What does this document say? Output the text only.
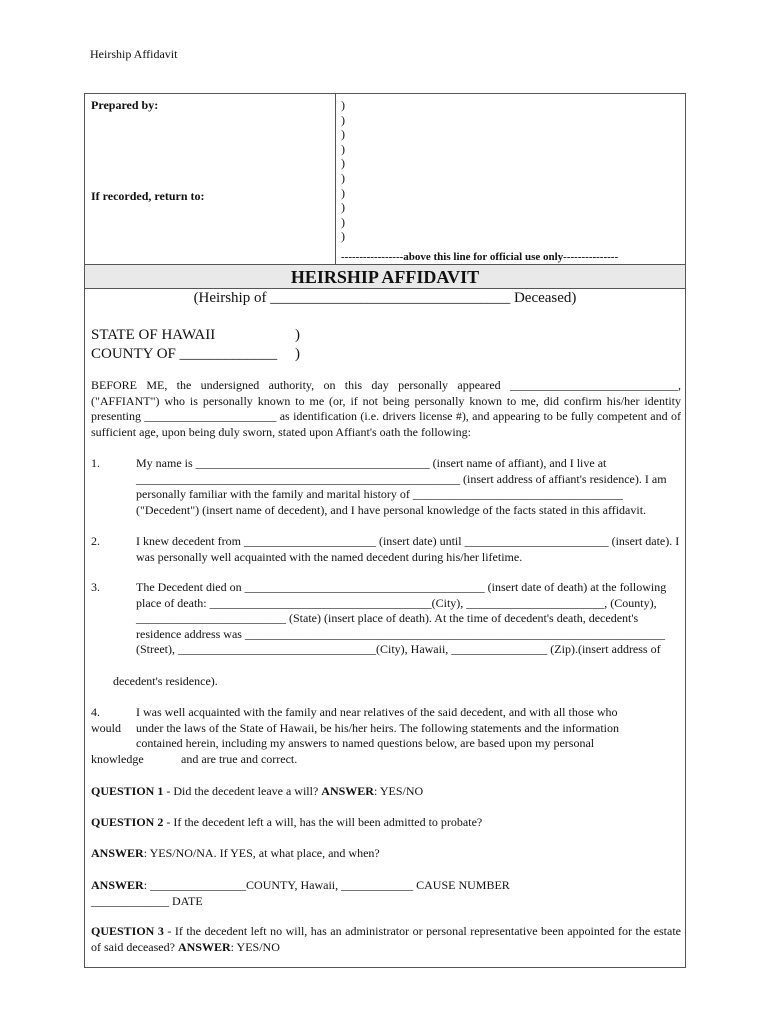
Heirship Affidavit
Prepared by:
If recorded, return to:
)
)
)
)
)
)
)
)
)
)
-----------------above this line for official use only---------------
HEIRSHIP AFFIDAVIT
(Heirship of ________________________________ Deceased)
STATE OF HAWAII	)
COUNTY OF _____________ )
BEFORE ME, the undersigned authority, on this day personally appeared ____________________________, ("AFFIANT") who is personally known to me (or, if not being personally known to me, did confirm his/her identity presenting ______________________ as identification (i.e. drivers license #), and appearing to be fully competent and of sufficient age, upon being duly sworn, stated upon Affiant's oath the following:
1.	My name is _______________________________________ (insert name of affiant), and I live at ______________________________________________________ (insert address of affiant's residence). I am personally familiar with the family and marital history of ___________________________________ ("Decedent") (insert name of decedent), and I have personal knowledge of the facts stated in this affidavit.
2.	I knew decedent from ______________________ (insert date) until ________________________ (insert date). I was personally well acquainted with the named decedent during his/her lifetime.
3.	The Decedent died on ________________________________________ (insert date of death) at the following place of death: _____________________________________(City), _______________________, (County), _________________________ (State) (insert place of death). At the time of decedent's death, decedent's residence address was ______________________________________________________________________ (Street), _________________________________(City), Hawaii, ________________ (Zip).(insert address of
decedent's residence).
4.	I was well acquainted with the family and near relatives of the said decedent, and with all those who
would under the laws of the State of Hawaii, be his/her heirs. The following statements and the information
contained herein, including my answers to named questions below, are based upon my personal
knowledge	and are true and correct.
QUESTION 1 - Did the decedent leave a will? ANSWER: YES/NO
QUESTION 2 - If the decedent left a will, has the will been admitted to probate?
ANSWER: YES/NO/NA. If YES, at what place, and when?
ANSWER: ________________COUNTY, Hawaii, ____________ CAUSE NUMBER
_____________ DATE
QUESTION 3 - If the decedent left no will, has an administrator or personal representative been appointed for the estate of said deceased? ANSWER: YES/NO
